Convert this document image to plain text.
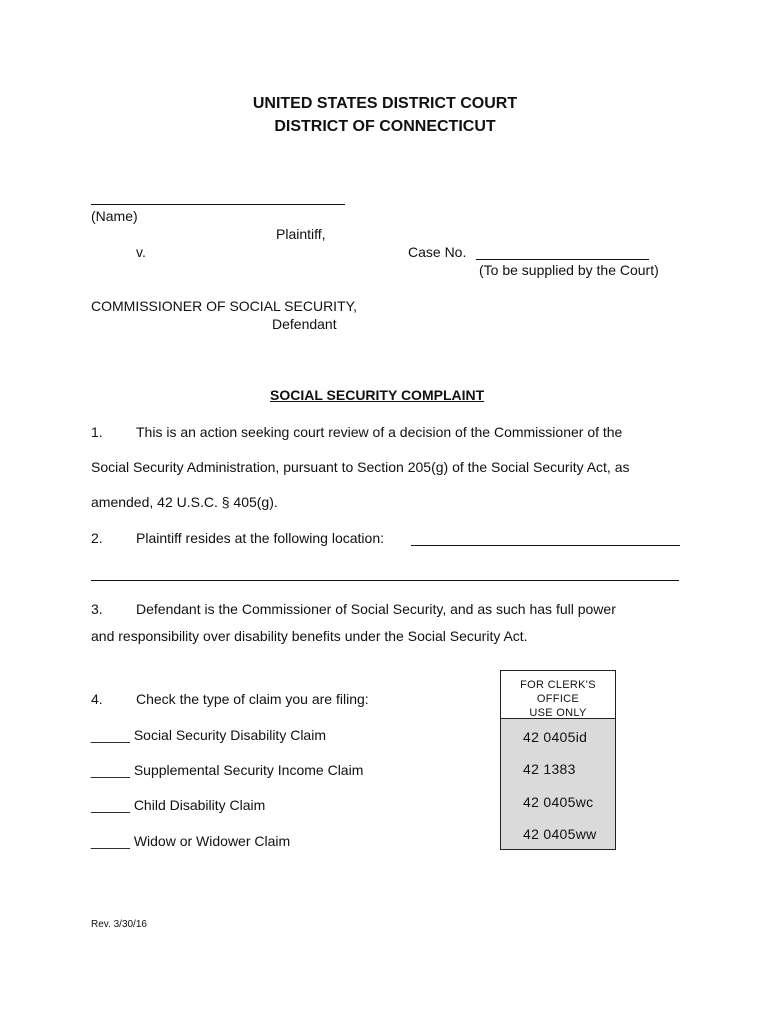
UNITED STATES DISTRICT COURT
DISTRICT OF CONNECTICUT
(Name)
Plaintiff,
v.	Case No.
(To be supplied by the Court)
COMMISSIONER OF SOCIAL SECURITY,
Defendant
SOCIAL SECURITY COMPLAINT
1. This is an action seeking court review of a decision of the Commissioner of the
Social Security Administration, pursuant to Section 205(g) of the Social Security Act, as
amended, 42 U.S.C. § 405(g).
2. Plaintiff resides at the following location:
3. Defendant is the Commissioner of Social Security, and as such has full power
and responsibility over disability benefits under the Social Security Act.
4. Check the type of claim you are filing:
_____ Social Security Disability Claim
_____ Supplemental Security Income Claim
_____ Child Disability Claim
_____ Widow or Widower Claim
FOR CLERK'S OFFICE
USE ONLY
42 0405id
42 1383
42 0405wc
42 0405ww
Rev. 3/30/16
